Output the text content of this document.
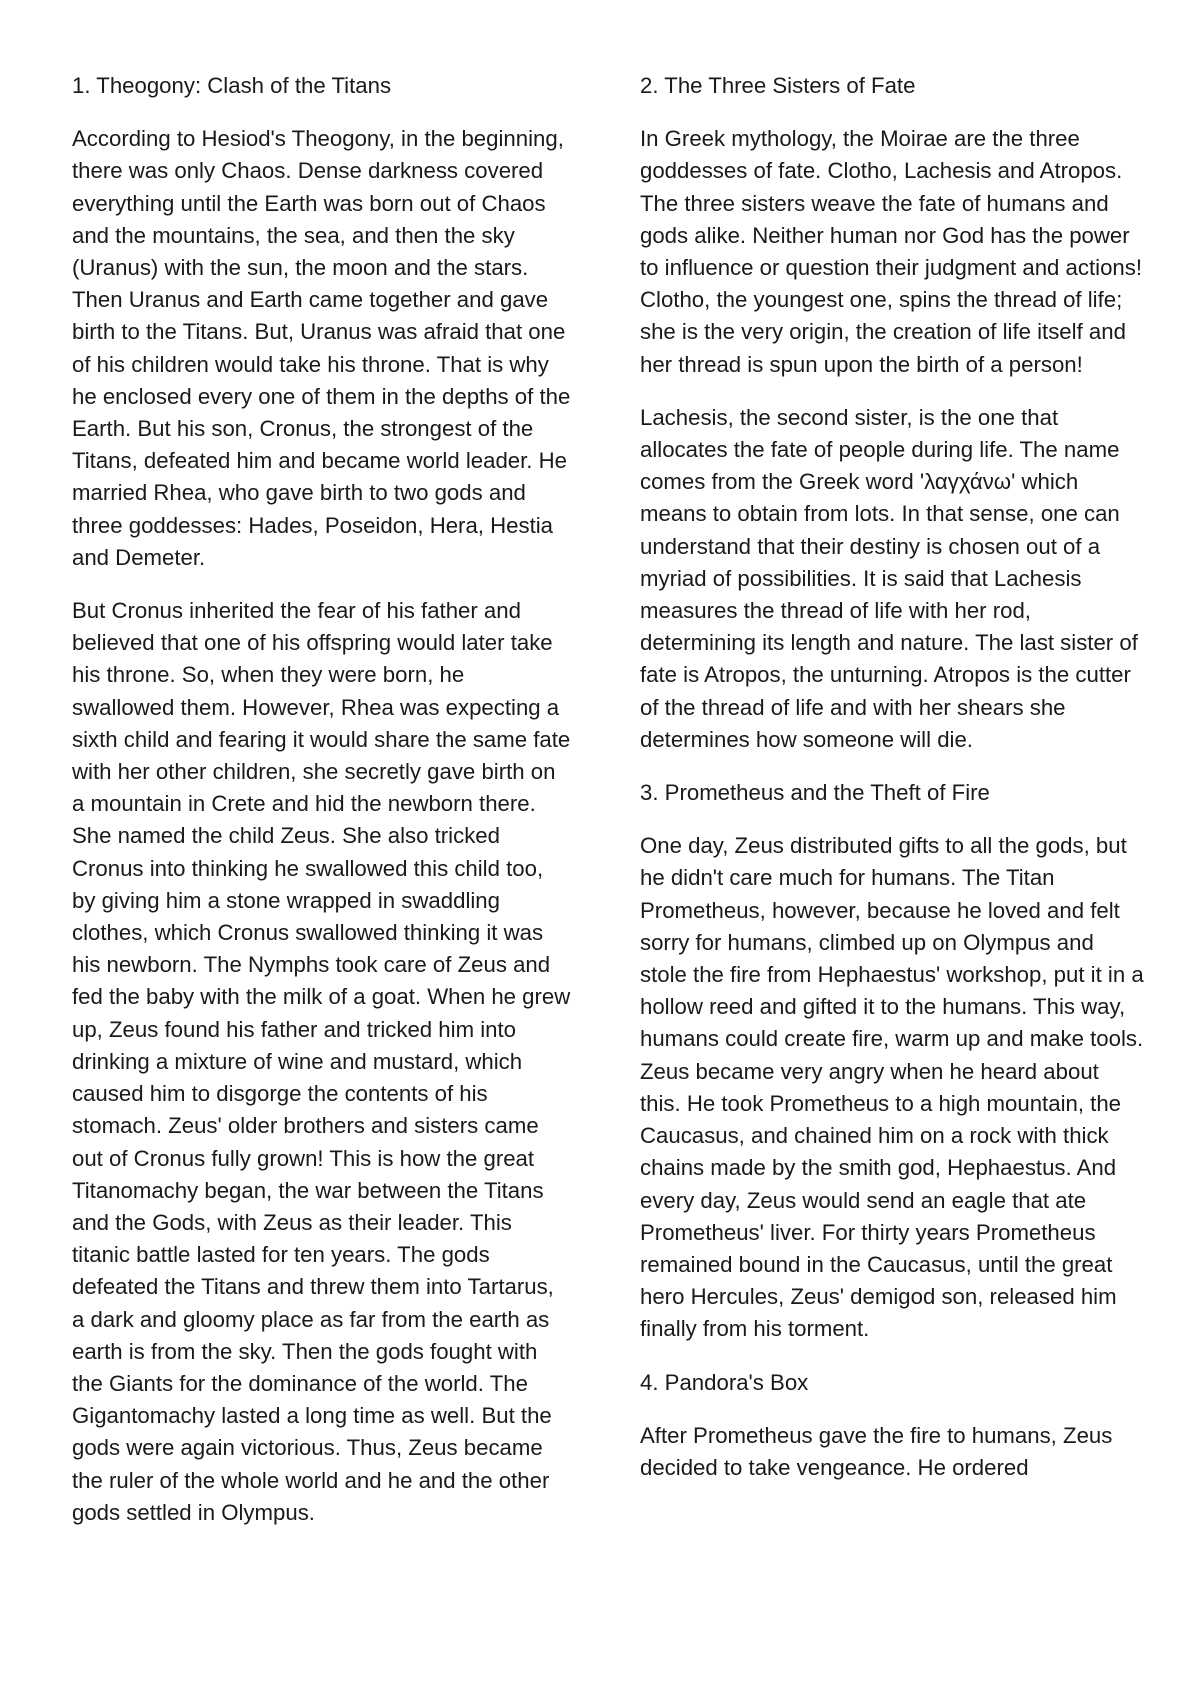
1. Theogony: Clash of the Titans

According to Hesiod's Theogony, in the beginning, there was only Chaos. Dense darkness covered everything until the Earth was born out of Chaos and the mountains, the sea, and then the sky (Uranus) with the sun, the moon and the stars. Then Uranus and Earth came together and gave birth to the Titans. But, Uranus was afraid that one of his children would take his throne. That is why he enclosed every one of them in the depths of the Earth. But his son, Cronus, the strongest of the Titans, defeated him and became world leader. He married Rhea, who gave birth to two gods and three goddesses: Hades, Poseidon, Hera, Hestia and Demeter.

But Cronus inherited the fear of his father and believed that one of his offspring would later take his throne. So, when they were born, he swallowed them. However, Rhea was expecting a sixth child and fearing it would share the same fate with her other children, she secretly gave birth on a mountain in Crete and hid the newborn there. She named the child Zeus. She also tricked Cronus into thinking he swallowed this child too, by giving him a stone wrapped in swaddling clothes, which Cronus swallowed thinking it was his newborn. The Nymphs took care of Zeus and fed the baby with the milk of a goat. When he grew up, Zeus found his father and tricked him into drinking a mixture of wine and mustard, which caused him to disgorge the contents of his stomach. Zeus' older brothers and sisters came out of Cronus fully grown! This is how the great Titanomachy began, the war between the Titans and the Gods, with Zeus as their leader. This titanic battle lasted for ten years. The gods defeated the Titans and threw them into Tartarus, a dark and gloomy place as far from the earth as earth is from the sky. Then the gods fought with the Giants for the dominance of the world. The Gigantomachy lasted a long time as well. But the gods were again victorious. Thus, Zeus became the ruler of the whole world and he and the other gods settled in Olympus.

2. The Three Sisters of Fate

In Greek mythology, the Moirae are the three goddesses of fate. Clotho, Lachesis and Atropos. The three sisters weave the fate of humans and gods alike. Neither human nor God has the power to influence or question their judgment and actions! Clotho, the youngest one, spins the thread of life; she is the very origin, the creation of life itself and her thread is spun upon the birth of a person!

Lachesis, the second sister, is the one that allocates the fate of people during life. The name comes from the Greek word 'λαγχάνω' which means to obtain from lots. In that sense, one can understand that their destiny is chosen out of a myriad of possibilities. It is said that Lachesis measures the thread of life with her rod, determining its length and nature. The last sister of fate is Atropos, the unturning. Atropos is the cutter of the thread of life and with her shears she determines how someone will die.

3. Prometheus and the Theft of Fire

One day, Zeus distributed gifts to all the gods, but he didn't care much for humans. The Titan Prometheus, however, because he loved and felt sorry for humans, climbed up on Olympus and stole the fire from Hephaestus' workshop, put it in a hollow reed and gifted it to the humans. This way, humans could create fire, warm up and make tools. Zeus became very angry when he heard about this. He took Prometheus to a high mountain, the Caucasus, and chained him on a rock with thick chains made by the smith god, Hephaestus. And every day, Zeus would send an eagle that ate Prometheus' liver. For thirty years Prometheus remained bound in the Caucasus, until the great hero Hercules, Zeus' demigod son, released him finally from his torment.

4. Pandora's Box

After Prometheus gave the fire to humans, Zeus decided to take vengeance. He ordered
